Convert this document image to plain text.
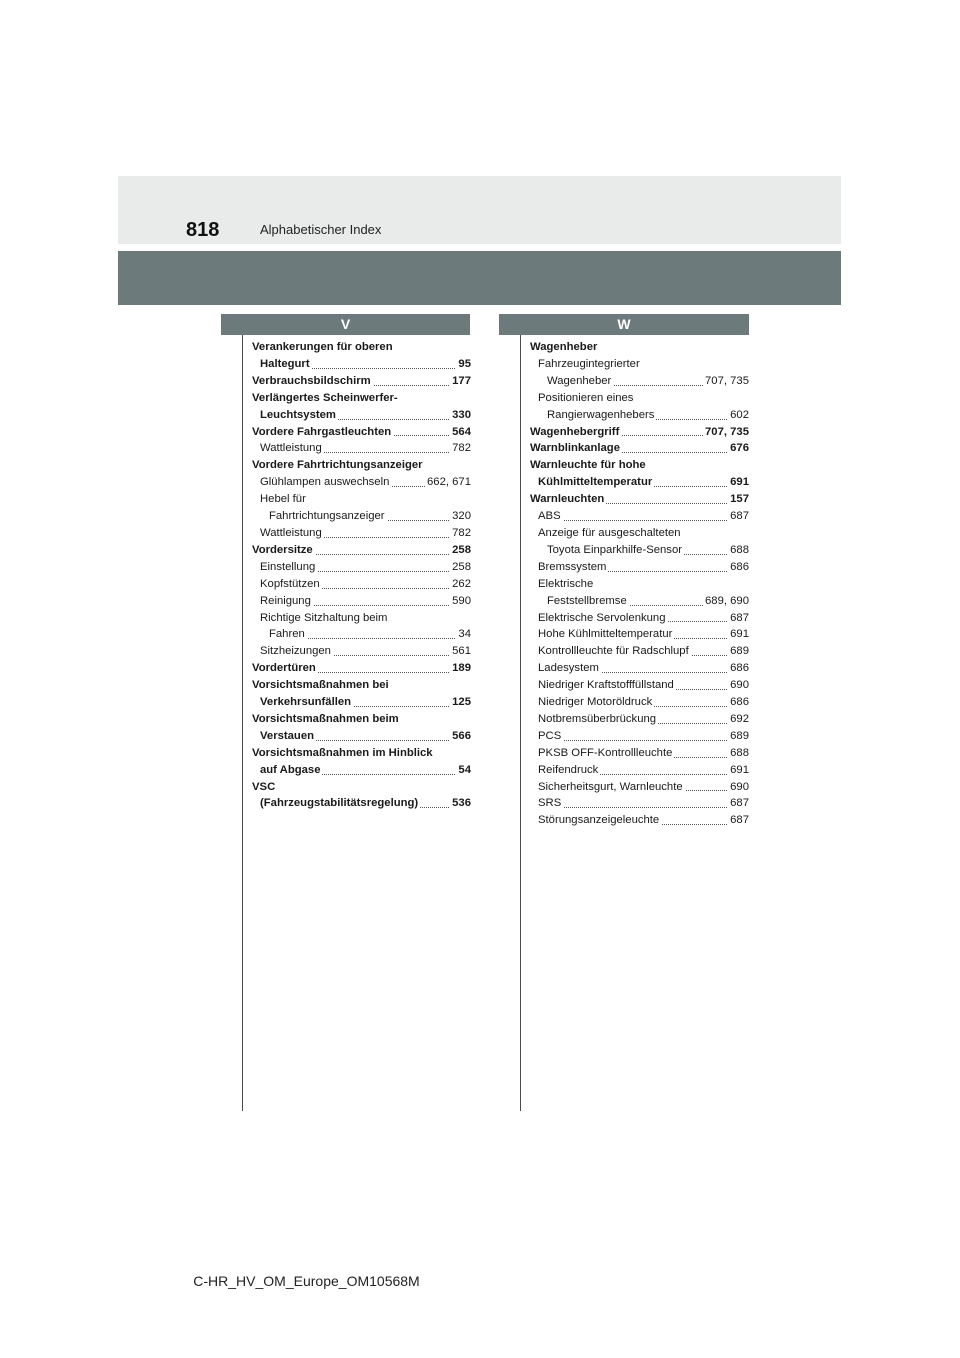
818	Alphabetischer Index
V	W
Verankerungen für oberen
Haltegurt	95
Verbrauchsbildschirm	177
Verlängertes Scheinwerfer-
Leuchtsystem	330
Vordere Fahrgastleuchten	564
Wattleistung	782
Vordere Fahrtrichtungsanzeiger
Glühlampen auswechseln	662, 671
Hebel für
Fahrtrichtungsanzeiger	320
Wattleistung	782
Vordersitze	258
Einstellung	258
Kopfstützen	262
Reinigung	590
Richtige Sitzhaltung beim
Fahren	34
Sitzheizungen	561
Vordertüren	189
Vorsichtsmaßnahmen bei
Verkehrsunfällen	125
Vorsichtsmaßnahmen beim
Verstauen	566
Vorsichtsmaßnahmen im Hinblick
auf Abgase	54
VSC
(Fahrzeugstabilitätsregelung)	536
Wagenheber
Fahrzeugintegrierter
Wagenheber	707, 735
Positionieren eines
Rangierwagenhebers	602
Wagenhebergriff	707, 735
Warnblinkanlage	676
Warnleuchte für hohe
Kühlmitteltemperatur	691
Warnleuchten	157
ABS	687
Anzeige für ausgeschalteten
Toyota Einparkhilfe-Sensor	688
Bremssystem	686
Elektrische
Feststellbremse	689, 690
Elektrische Servolenkung	687
Hohe Kühlmitteltemperatur	691
Kontrollleuchte für Radschlupf	689
Ladesystem	686
Niedriger Kraftstofffüllstand	690
Niedriger Motoröldruck	686
Notbremsüberbrückung	692
PCS	689
PKSB OFF-Kontrollleuchte	688
Reifendruck	691
Sicherheitsgurt, Warnleuchte	690
SRS	687
Störungsanzeigeleuchte	687
C-HR_HV_OM_Europe_OM10568M
